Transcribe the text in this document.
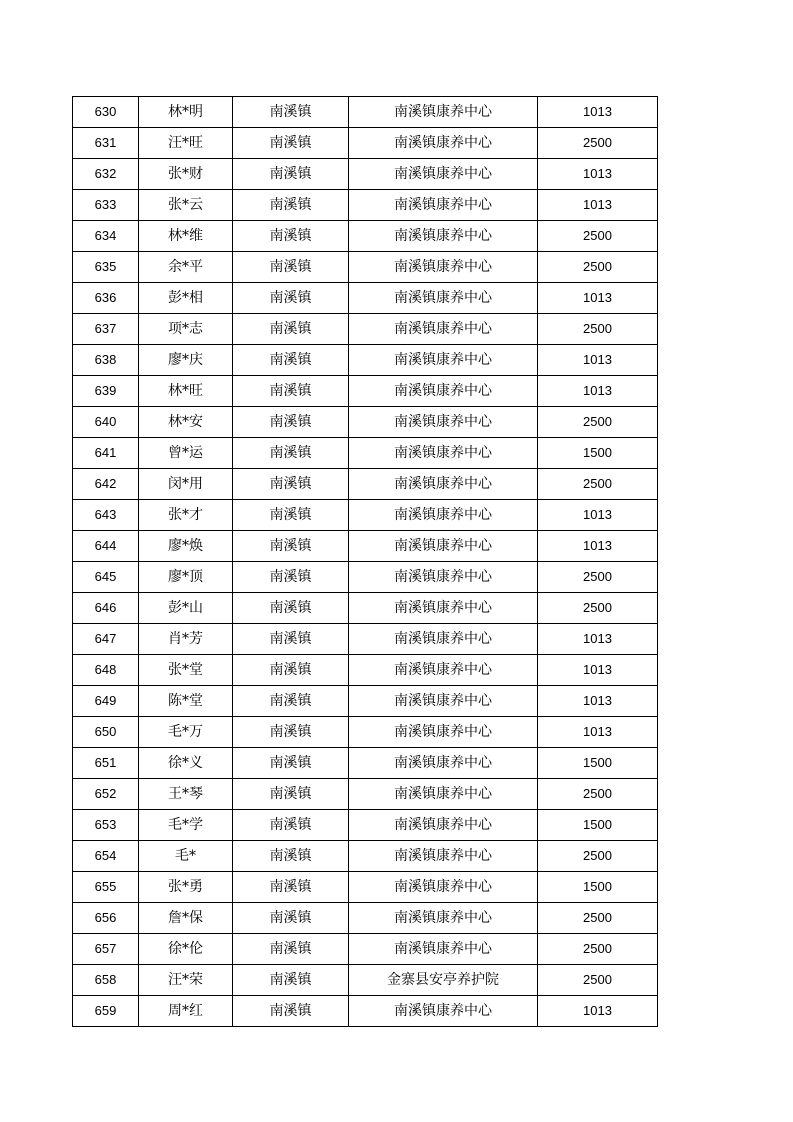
630	林*明	南溪镇	南溪镇康养中心	1013
631	汪*旺	南溪镇	南溪镇康养中心	2500
632	张*财	南溪镇	南溪镇康养中心	1013
633	张*云	南溪镇	南溪镇康养中心	1013
634	林*维	南溪镇	南溪镇康养中心	2500
635	余*平	南溪镇	南溪镇康养中心	2500
636	彭*相	南溪镇	南溪镇康养中心	1013
637	项*志	南溪镇	南溪镇康养中心	2500
638	廖*庆	南溪镇	南溪镇康养中心	1013
639	林*旺	南溪镇	南溪镇康养中心	1013
640	林*安	南溪镇	南溪镇康养中心	2500
641	曾*运	南溪镇	南溪镇康养中心	1500
642	闵*用	南溪镇	南溪镇康养中心	2500
643	张*才	南溪镇	南溪镇康养中心	1013
644	廖*焕	南溪镇	南溪镇康养中心	1013
645	廖*顶	南溪镇	南溪镇康养中心	2500
646	彭*山	南溪镇	南溪镇康养中心	2500
647	肖*芳	南溪镇	南溪镇康养中心	1013
648	张*堂	南溪镇	南溪镇康养中心	1013
649	陈*堂	南溪镇	南溪镇康养中心	1013
650	毛*万	南溪镇	南溪镇康养中心	1013
651	徐*义	南溪镇	南溪镇康养中心	1500
652	王*琴	南溪镇	南溪镇康养中心	2500
653	毛*学	南溪镇	南溪镇康养中心	1500
654	毛*	南溪镇	南溪镇康养中心	2500
655	张*勇	南溪镇	南溪镇康养中心	1500
656	詹*保	南溪镇	南溪镇康养中心	2500
657	徐*伦	南溪镇	南溪镇康养中心	2500
658	汪*荣	南溪镇	金寨县安亭养护院	2500
659	周*红	南溪镇	南溪镇康养中心	1013
